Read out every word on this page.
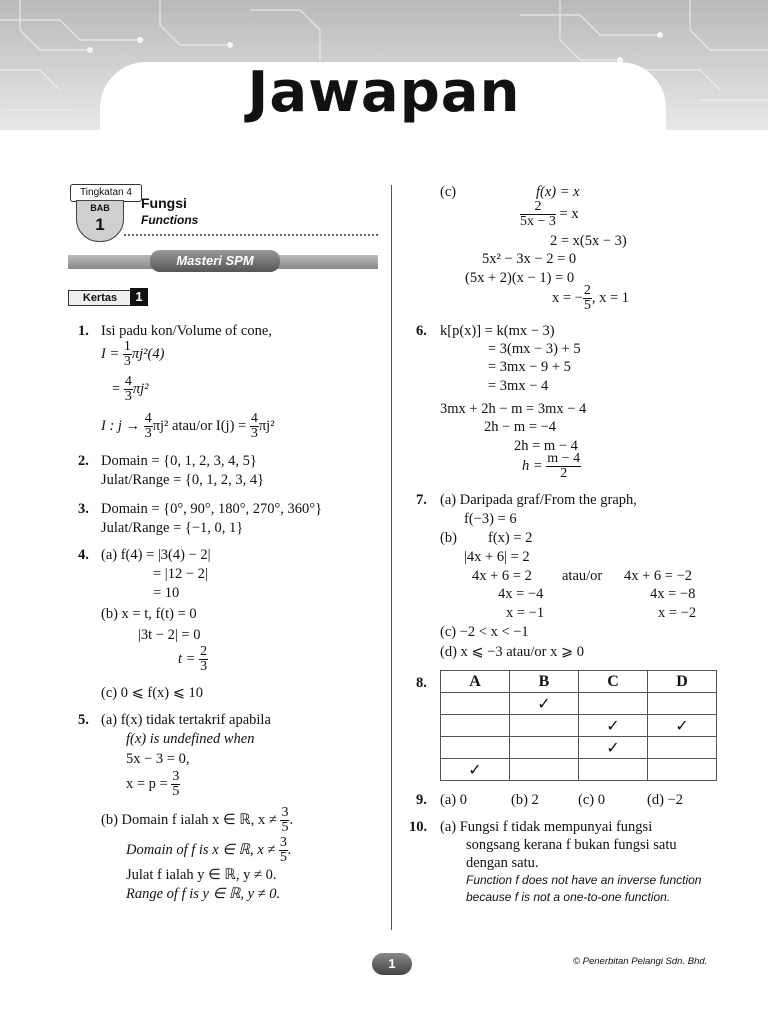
Jawapan
Tingkatan 4
BAB
1
Fungsi
Functions
Masteri SPM
Kertas	1
1. Isi padu kon/Volume of cone,
$I = \frac{1}{3} \pi j^2(4)$
= $\frac{4}{3} \pi j^2$
I : $j \to \frac{4}{3} \pi j^2$ atau/or $I(j) = \frac{4}{3} \pi j^2$
2. Domain = {0, 1, 2, 3, 4, 5}
Julat/Range = {0, 1, 2, 3, 4}
3. Domain = {0°, 90°, 180°, 270°, 360°}
Julat/Range = {−1, 0, 1}
4. (a) f(4) = |3(4) − 2|
= |12 − 2|
= 10
(b) x = t, f(t) = 0
|3t − 2| = 0
$t = \frac{2}{3}$
(c) 0 ⩽ f(x) ⩽ 10
5. (a) f(x) tidak tertakrif apabila
f(x) is undefined when
5x − 3 = 0,
$x = p = \frac{3}{5}$
(b) Domain f ialah x ∈ ℝ, $x \ne \frac{3}{5}$ .
Domain of f is x ∈ ℝ, $x \ne \frac{3}{5}$ .
Julat f ialah y ∈ ℝ, y ≠ 0.
Range of f is y ∈ ℝ, y ≠ 0.
(c)	f(x) = x
$\frac{2}{5x - 3} = x$
2 = x(5x − 3)
5x² − 3x − 2 = 0
(5x + 2)(x − 1) = 0
x = − $\frac{2}{5}$ , x = 1
6. k[p(x)] = k(mx − 3)
= 3(mx − 3) + 5
= 3mx − 9 + 5
= 3mx − 4
3mx + 2h − m = 3mx − 4
2h − m = −4
2h = m − 4
$h = \frac{m - 4}{2}$
7. (a) Daripada graf/From the graph,
f(−3) = 6
(b) f(x) = 2
|4x + 6| = 2
4x + 6 = 2 atau/or 4x + 6 = −2
4x = −4	4x = −8
x = −1	x = −2
(c) −2 < x < −1
(d) x ⩽ −3 atau/or x ⩾ 0
8.	A	B	C	D
	✓		
		✓	✓
		✓	
✓			
9. (a) 0	(b) 2	(c) 0	(d) −2
10. (a) Fungsi f tidak mempunyai fungsi
songsang kerana f bukan fungsi satu
dengan satu.
Function f does not have an inverse function
because f is not a one-to-one function.
1	© Penerbitan Pelangi Sdn. Bhd.
